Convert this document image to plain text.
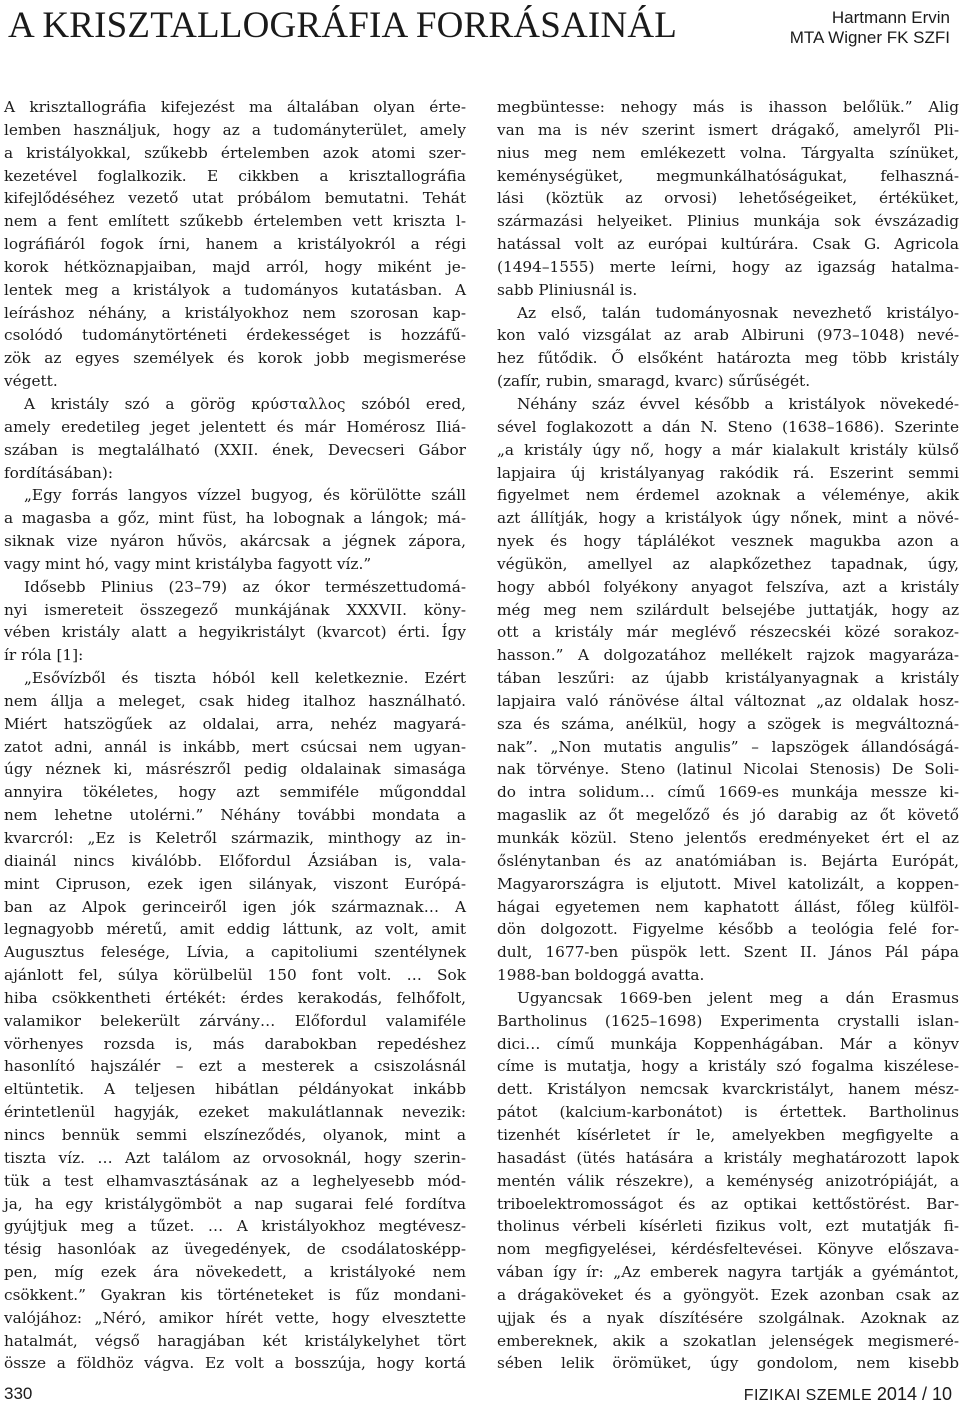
A KRISZTALLOGRÁFIA FORRÁSAINÁL	Hartmann Ervin
MTA Wigner FK SZFI

A krisztallográfia kifejezést ma általában olyan érte-

lemben használjuk, hogy az a tudományterület, amely

a kristályokkal, szűkebb értelemben azok atomi szer-

kezetével foglalkozik. E cikkben a krisztallográfia

kifejlődéséhez vezető utat próbálom bemutatni. Tehát

nem a fent említett szűkebb értelemben vett kriszta l-

lográfiáról fogok írni, hanem a kristályokról a régi

korok hétköznapjaiban, majd arról, hogy miként je-

lentek meg a kristályok a tudományos kutatásban. A

leíráshoz néhány, a kristályokhoz nem szorosan kap-

csolódó tudománytörténeti érdekességet is hozzáfű-

zök az egyes személyek és korok jobb megismerése

végett.

A kristály szó a görög κρύσταλλος szóból ered,

amely eredetileg jeget jelentett és már Homérosz Iliá-

szában is megtalálható (XXII. ének, Devecseri Gábor

fordításában):

„Egy forrás langyos vízzel bugyog, és körülötte száll

a magasba a gőz, mint füst, ha lobognak a lángok; má-

siknak vize nyáron hűvös, akárcsak a jégnek zápora,

vagy mint hó, vagy mint kristályba fagyott víz.”

Idősebb Plinius (23–79) az ókor természettudomá-

nyi ismereteit összegező munkájának XXXVII. köny-

vében kristály alatt a hegyikristályt (kvarcot) érti. Így

ír róla [1]:

„Esővízből és tiszta hóból kell keletkeznie. Ezért

nem állja a meleget, csak hideg italhoz használható.

Miért hatszögűek az oldalai, arra, nehéz magyará-

zatot adni, annál is inkább, mert csúcsai nem ugyan-

úgy néznek ki, másrészről pedig oldalainak simasága

annyira tökéletes, hogy azt semmiféle műgonddal

nem lehetne utolérni.” Néhány további mondata a

kvarcról: „Ez is Keletről származik, minthogy az in-

diainál nincs kiválóbb. Előfordul Ázsiában is, vala-

mint Cipruson, ezek igen silányak, viszont Európá-

ban az Alpok gerinceiről igen jók származnak… A

legnagyobb méretű, amit eddig láttunk, az volt, amit

Augusztus felesége, Lívia, a capitoliumi szentélynek

ajánlott fel, súlya körülbelül 150 font volt. … Sok

hiba csökkentheti értékét: érdes kerakodás, felhőfolt,

valamikor belekerült zárvány… Előfordul valamiféle

vörhenyes rozsda is, más darabokban repedéshez

hasonlító hajszálér – ezt a mesterek a csiszolásnál

eltüntetik. A teljesen hibátlan példányokat inkább

érintetlenül hagyják, ezeket makulátlannak nevezik:

nincs bennük semmi elszíneződés, olyanok, mint a

tiszta víz. … Azt találom az orvosoknál, hogy szerin-

tük a test elhamvasztásának az a leghelyesebb mód-

ja, ha egy kristálygömböt a nap sugarai felé fordítva

gyújtjuk meg a tűzet. … A kristályokhoz megtévesz-

tésig hasonlóak az üvegedények, de csodálatosképp-

pen, míg ezek ára növekedett, a kristályoké nem

csökkent.” Gyakran kis történeteket is fűz mondani-

valójához: „Néró, amikor hírét vette, hogy elvesztette

hatalmát, végső haragjában két kristálykelyhet tört

össze a földhöz vágva. Ez volt a bosszúja, hogy kortá

megbüntesse: nehogy más is ihasson belőlük.” Alig

van ma is név szerint ismert drágakő, amelyről Pli-

nius meg nem emlékezett volna. Tárgyalta színüket,

keménységüket, megmunkálhatóságukat, felhaszná-

lási (köztük az orvosi) lehetőségeiket, értéküket,

származási helyeiket. Plinius munkája sok évszázadig

hatással volt az európai kultúrára. Csak G. Agricola

(1494–1555) merte leírni, hogy az igazság hatalma-

sabb Pliniusnál is.

Az első, talán tudományosnak nevezhető kristályo-

kon való vizsgálat az arab Albiruni (973–1048) nevé-

hez fűtődik. Ő elsőként határozta meg több kristály

(zafír, rubin, smaragd, kvarc) sűrűségét.

Néhány száz évvel később a kristályok növekedé-

sével foglakozott a dán N. Steno (1638–1686). Szerinte

„a kristály úgy nő, hogy a már kialakult kristály külső

lapjaira új kristályanyag rakódik rá. Eszerint semmi

figyelmet nem érdemel azoknak a véleménye, akik

azt állítják, hogy a kristályok úgy nőnek, mint a növé-

nyek és hogy táplálékot vesznek magukba azon a

végükön, amellyel az alapkőzethez tapadnak, úgy,

hogy abból folyékony anyagot felszíva, azt a kristály

még meg nem szilárdult belsejébe juttatják, hogy az

ott a kristály már meglévő részecskéi közé sorakoz-

hasson.” A dolgozatához mellékelt rajzok magyaráza-

tában leszűri: az újabb kristályanyagnak a kristály

lapjaira való ránövése által változnat „az oldalak hosz-

sza és száma, anélkül, hogy a szögek is megváltozná-

nak”. „Non mutatis angulis” – lapszögek állandóságá-

nak törvénye. Steno (latinul Nicolai Stenosis) De Soli-

do intra solidum… című 1669-es munkája messze ki-

magaslik az őt megelőző és jó darabig az őt követő

munkák közül. Steno jelentős eredményeket ért el az

őslénytanban és az anatómiában is. Bejárta Európát,

Magyarországra is eljutott. Mivel katolizált, a koppen-

hágai egyetemen nem kaphatott állást, főleg külföl-

dön dolgozott. Figyelme később a teológia felé for-

dult, 1677-ben püspök lett. Szent II. János Pál pápa

1988-ban boldoggá avatta.

Ugyancsak 1669-ben jelent meg a dán Erasmus

Bartholinus (1625–1698) Experimenta crystalli islan-

dici… című munkája Koppenhágában. Már a könyv

címe is mutatja, hogy a kristály szó fogalma kiszélese-

dett. Kristályon nemcsak kvarckristályt, hanem mész-

pátot (kalcium-karbonátot) is értettek. Bartholinus

tizenhét kísérletet ír le, amelyekben megfigyelte a

hasadást (ütés hatására a kristály meghatározott lapok

mentén válik részekre), a keménység anizotrópiáját, a

triboelektromosságot és az optikai kettőstörést. Bar-

tholinus vérbeli kísérleti fizikus volt, ezt mutatják fi-

nom megfigyelései, kérdésfeltevései. Könyve előszava-

vában így ír: „Az emberek nagyra tartják a gyémántot,

a drágaköveket és a gyöngyöt. Ezek azonban csak az

ujjak és a nyak díszítésére szolgálnak. Azoknak az

embereknek, akik a szokatlan jelenségek megismeré-

sében lelik örömüket, úgy gondolom, nem kisebb

330	FIZIKAI SZEMLE 2014 / 10
